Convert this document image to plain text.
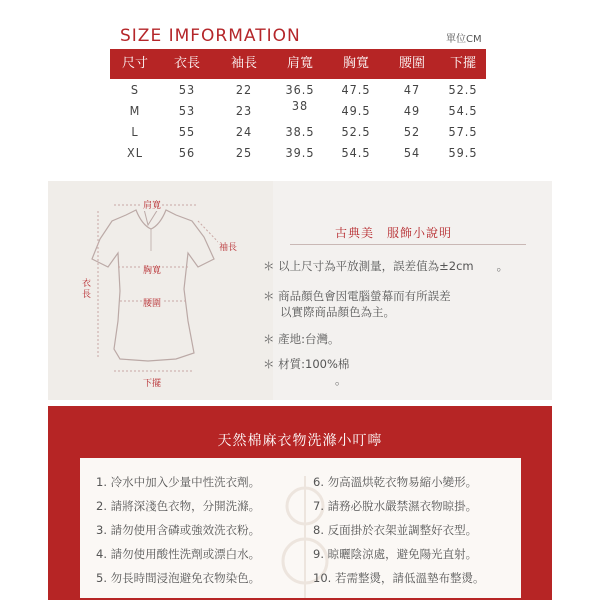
SIZE IMFORMATION	單位CM
尺寸	衣長	袖長	肩寬	胸寬	腰圍	下擺
S	53	22	36.5	47.5	47	52.5
M	53	23	38	49.5	49	54.5
L	55	24	38.5	52.5	52	57.5
XL	56	25	39.5	54.5	54	59.5
肩寬
袖長
胸寬
衣長
腰圍
下擺
古典美　服飾小說明
＊ 以上尺寸為平放測量，誤差值為±2cm　　。
＊ 商品顏色會因電腦螢幕而有所誤差
以實際商品顏色為主。
＊ 產地:台灣。
＊ 材質:100%棉
。
天然棉麻衣物洗滌小叮嚀
1. 冷水中加入少量中性洗衣劑。
2. 請將深淺色衣物，分開洗滌。
3. 請勿使用含磷或強效洗衣粉。
4. 請勿使用酸性洗劑或漂白水。
5. 勿長時間浸泡避免衣物染色。
6. 勿高溫烘乾衣物易縮小變形。
7. 請務必脫水嚴禁濕衣物晾掛。
8. 反面掛於衣架並調整好衣型。
9. 晾曬陰涼處，避免陽光直射。
10. 若需整燙，請低溫墊布整燙。
